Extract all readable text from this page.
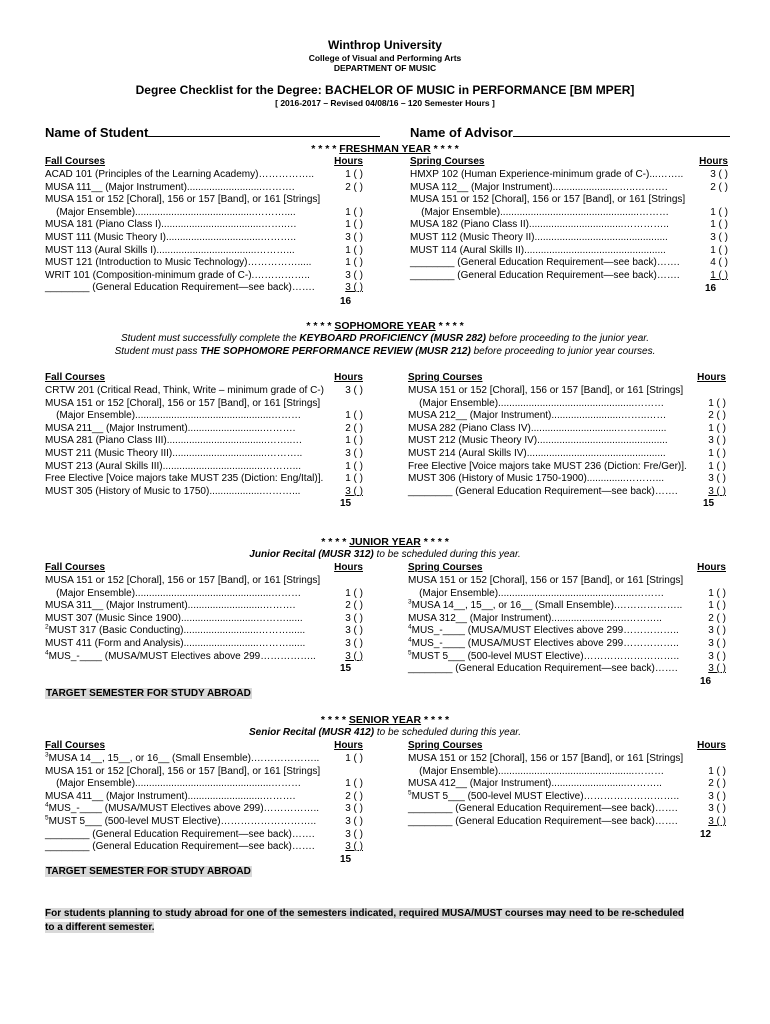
Winthrop University
College of Visual and Performing Arts
DEPARTMENT OF MUSIC
Degree Checklist for the Degree: BACHELOR OF MUSIC in PERFORMANCE [BM MPER]
[ 2016-2017 – Revised 04/08/16 – 120 Semester Hours ]
Name of Student	Name of Advisor
* * * * FRESHMAN YEAR * * * *
Fall Courses	Hours
ACAD 101 (Principles of the Learning Academy)……………..	1 ( )
MUSA 111__ (Major Instrument)...........................……….	2 ( )
MUSA 151 or 152 [Choral], 156 or 157 [Band], or 161 [Strings]
(Major Ensemble)...........................................………....	1 ( )
MUSA 181 (Piano Class I)....................................……..…	1 ( )
MUST 111 (Music Theory I)..................................………..	3 ( )
MUST 113 (Aural Skills I)....................................………...	1 ( )
MUST 121 (Introduction to Music Technology)…………….....	1 ( )
WRIT 101 (Composition-minimum grade of C-).……………..	3 ( )
________ (General Education Requirement—see back)…….	3 ( )
16
Spring Courses	Hours
HMXP 102 (Human Experience-minimum grade of C-)...……..	3 ( )
MUSA 112__ (Major Instrument)........................…..……….	2 ( )
MUSA 151 or 152 [Choral], 156 or 157 [Band], or 161 [Strings]
(Major Ensemble)..................................................………	1 ( )
MUSA 182 (Piano Class II)..................................…………..	1 ( )
MUST 112 (Music Theory II)................................................	3 ( )
MUST 114 (Aural Skills II)...................................................	1 ( )
________ (General Education Requirement—see back)…….	4 ( )
________ (General Education Requirement—see back)…….	1 ( )
16
* * * * SOPHOMORE YEAR * * * *
Student must successfully complete the KEYBOARD PROFICIENCY (MUSR 282) before proceeding to the junior year.
Student must pass THE SOPHOMORE PERFORMANCE REVIEW (MUSR 212) before proceeding to junior year courses.
Fall Courses	Hours
CRTW 201 (Critical Read, Think, Write – minimum grade of C-) 3 ( )
MUSA 151 or 152 [Choral], 156 or 157 [Band], or 161 [Strings]
(Major Ensemble).................................................………	1 ( )
MUSA 211__ (Major Instrument)...........................……….	2 ( )
MUSA 281 (Piano Class III)....................................……..…	1 ( )
MUST 211 (Music Theory III)..................................………..	3 ( )
MUST 213 (Aural Skills III)....................................………...	1 ( )
Free Elective [Voice majors take MUST 235 (Diction: Eng/Ital)]. 1 ( )
MUST 305 (History of Music to 1750)...................………...	3 ( )
15
Spring Courses	Hours
MUSA 151 or 152 [Choral], 156 or 157 [Band], or 161 [Strings]
(Major Ensemble).................................................………	1 ( )
MUSA 212__ (Major Instrument).........................……..……	2 ( )
MUSA 282 (Piano Class IV)...............................……….......	1 ( )
MUST 212 (Music Theory IV)...............................................	3 ( )
MUST 214 (Aural Skills IV)..................................................	1 ( )
Free Elective [Voice majors take MUST 236 (Diction: Fre/Ger)]. 1 ( )
MUST 306 (History of Music 1750-1900)..............………...	3 ( )
________ (General Education Requirement—see back)…….	3 ( )
15
* * * * JUNIOR YEAR * * * *
Junior Recital (MUSR 312) to be scheduled during this year.
Fall Courses	Hours
MUSA 151 or 152 [Choral], 156 or 157 [Band], or 161 [Strings]
(Major Ensemble).................................................………	1 ( )
MUSA 311__ (Major Instrument)...........................……….	2 ( )
MUST 307 (Music Since 1900)...........................………......	3 ( )
$^2$MUST 317 (Basic Conducting)...........................………......	3 ( )
MUST 411 (Form and Analysis)...........................………......	3 ( )
$^4$MUS_-____ (MUSA/MUST Electives above 299……………..	3 ( )
15
Spring Courses	Hours
MUSA 151 or 152 [Choral], 156 or 157 [Band], or 161 [Strings]
(Major Ensemble).................................................………	1 ( )
$^3$MUSA 14__, 15__, or 16__ (Small Ensemble).………………..	1 ( )
MUSA 312__ (Major Instrument)...........................………..	2 ( )
$^4$MUS_-____ (MUSA/MUST Electives above 299……………..	3 ( )
$^4$MUS_-____ (MUSA/MUST Electives above 299……………..	3 ( )
$^5$MUST 5___ (500-level MUST Elective)………………………..	3 ( )
________ (General Education Requirement—see back)…….	3 ( )
16
TARGET SEMESTER FOR STUDY ABROAD
* * * * SENIOR YEAR * * * *
Senior Recital (MUSR 412) to be scheduled during this year.
Fall Courses	Hours
$^3$MUSA 14__, 15__, or 16__ (Small Ensemble).………………..	1 ( )
MUSA 151 or 152 [Choral], 156 or 157 [Band], or 161 [Strings]
(Major Ensemble).................................................………	1 ( )
MUSA 411__ (Major Instrument)...........................……….	2 ( )
$^4$MUS_-____ (MUSA/MUST Electives above 299)……………..	3 ( )
$^5$MUST 5___ (500-level MUST Elective)………………………..	3 ( )
________ (General Education Requirement—see back)…….	3 ( )
________ (General Education Requirement—see back)…….	3 ( )
15
Spring Courses	Hours
MUSA 151 or 152 [Choral], 156 or 157 [Band], or 161 [Strings]
(Major Ensemble).................................................………	1 ( )
MUSA 412__ (Major Instrument)...........................………..	2 ( )
$^5$MUST 5___ (500-level MUST Elective)………………………..	3 ( )
________ (General Education Requirement—see back)…….	3 ( )
________ (General Education Requirement—see back)…….	3 ( )
12
TARGET SEMESTER FOR STUDY ABROAD
For students planning to study abroad for one of the semesters indicated, required MUSA/MUST courses may need to be re-scheduled to a different semester.
